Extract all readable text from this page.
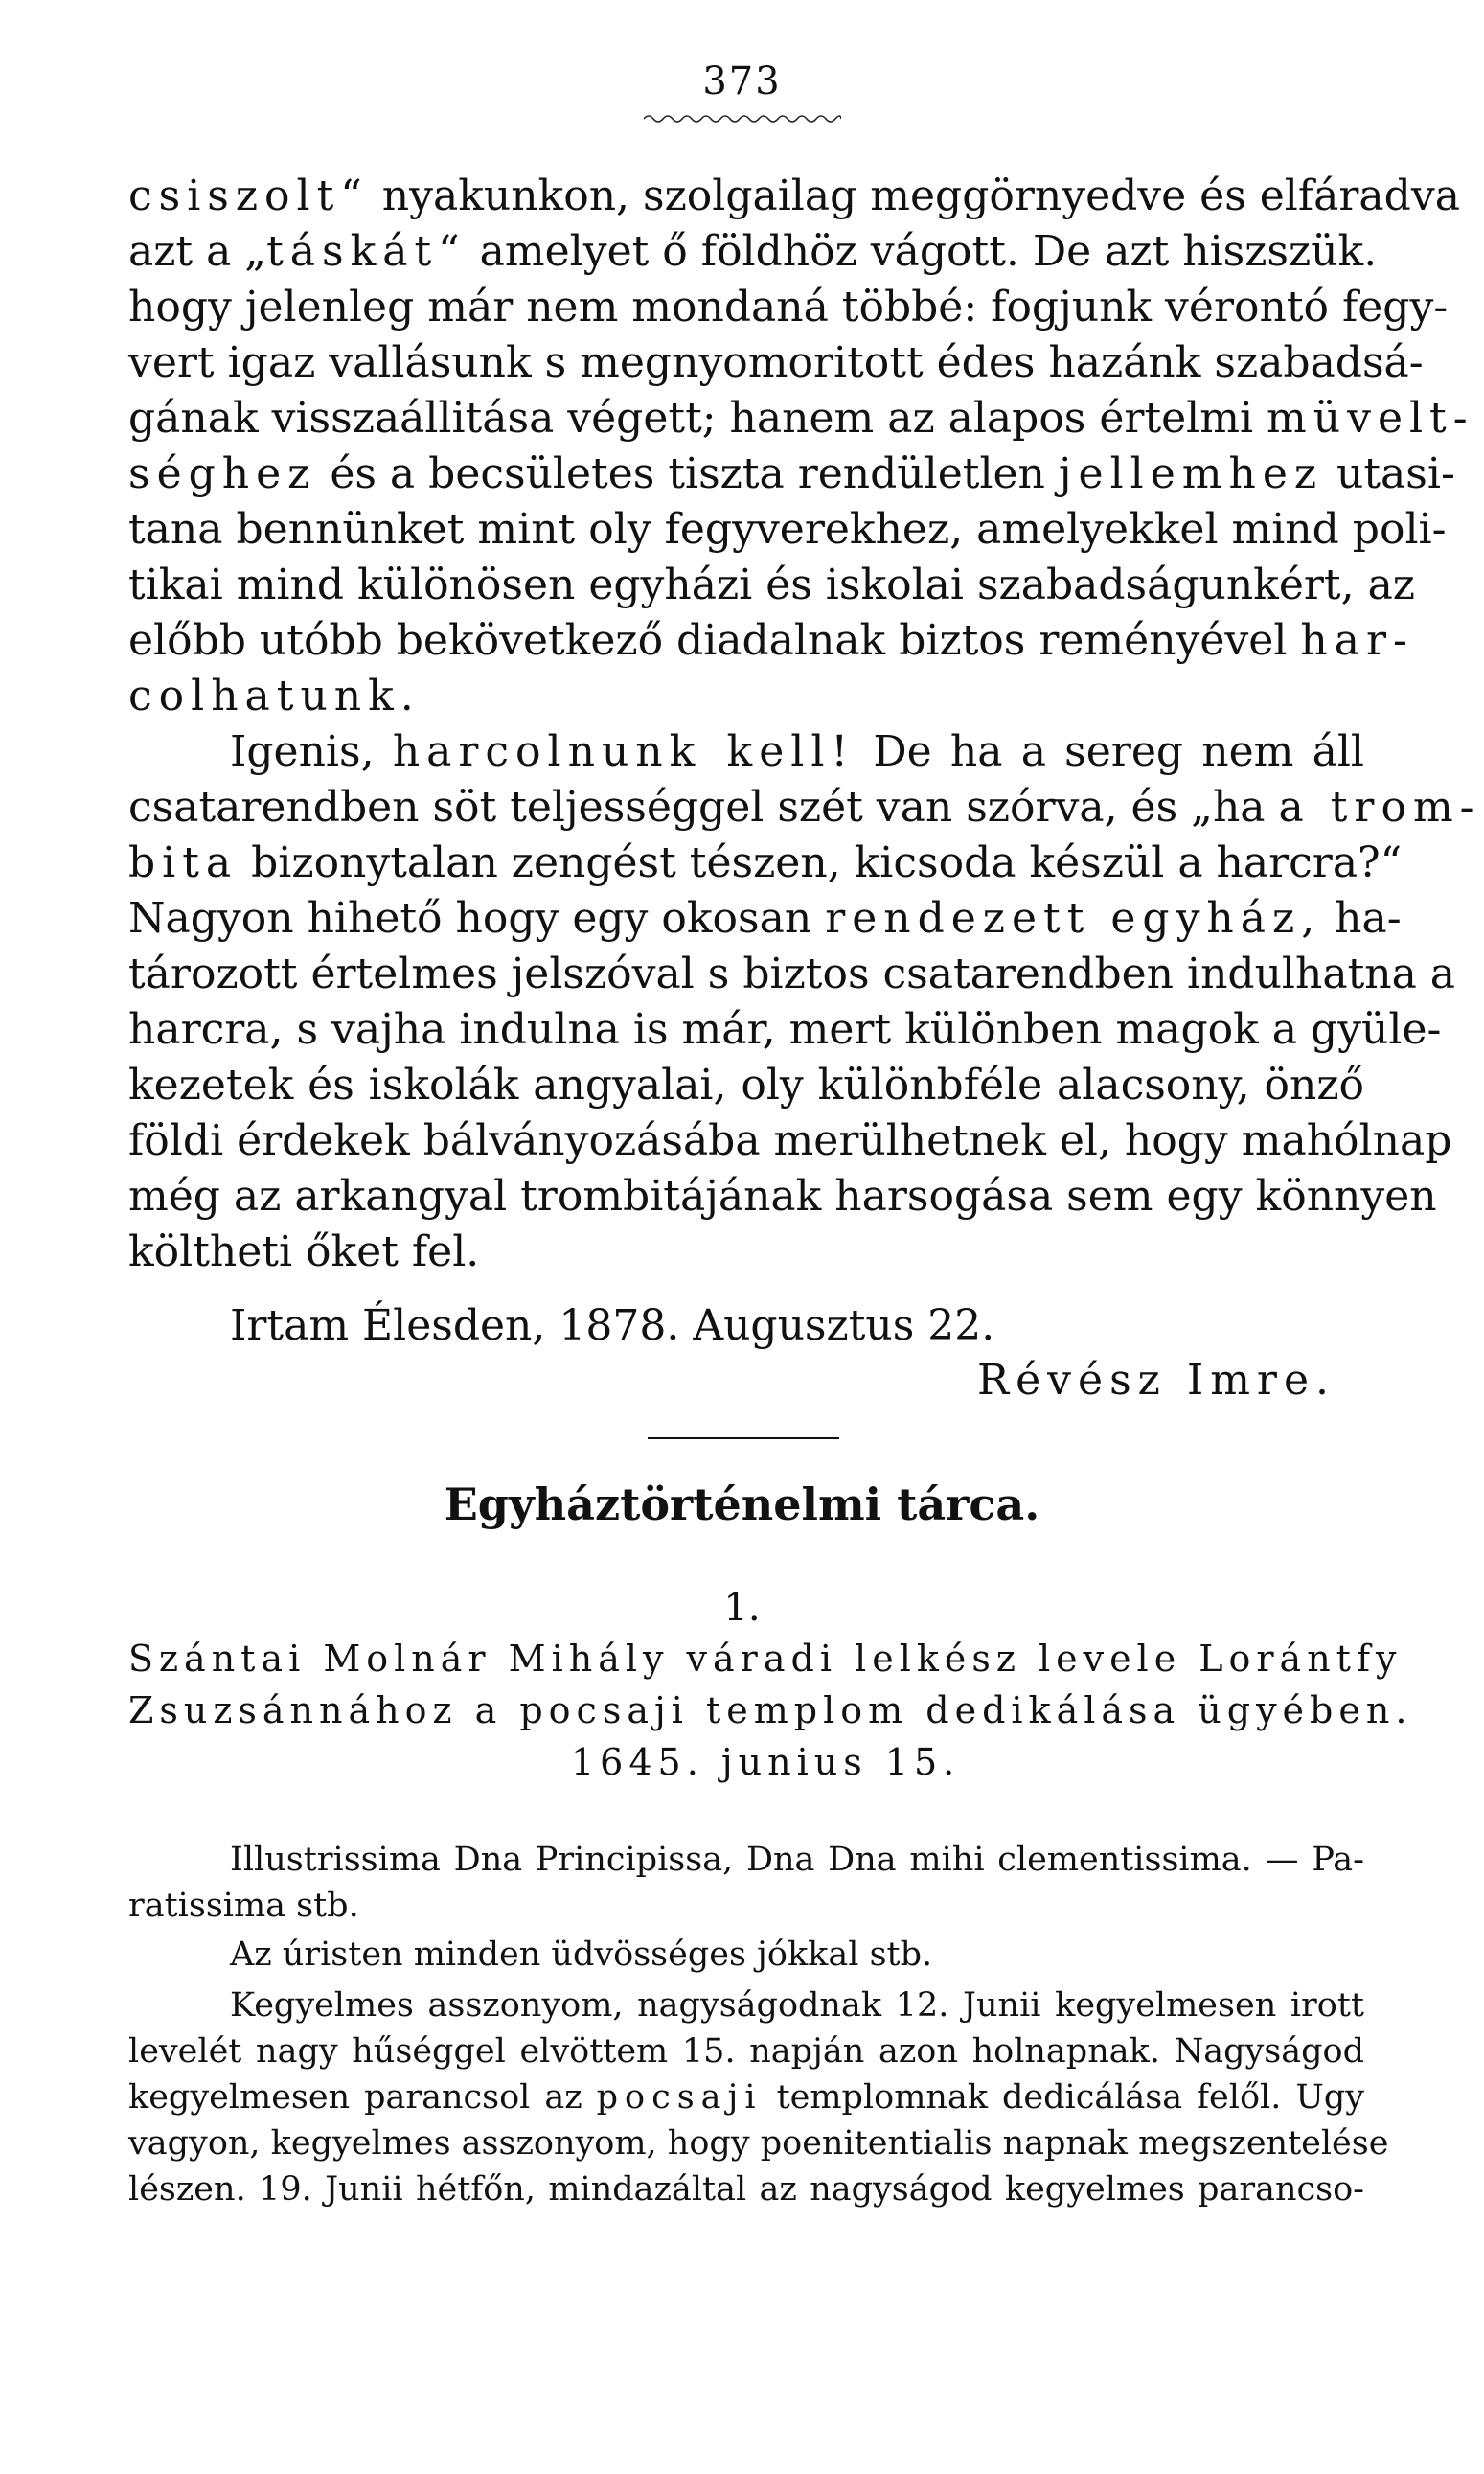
373
csiszolt“ nyakunkon, szolgailag meggörnyedve és elfáradva
azt a „táskát“ amelyet ő földhöz vágott. De azt hiszszük.
hogy jelenleg már nem mondaná többé: fogjunk vérontó fegy-
vert igaz vallásunk s megnyomoritott édes hazánk szabadsá-
gának visszaállitása végett; hanem az alapos értelmi müvelt-
séghez és a becsületes tiszta rendületlen jellemhez utasi-
tana bennünket mint oly fegyverekhez, amelyekkel mind poli-
tikai mind különösen egyházi és iskolai szabadságunkért, az
előbb utóbb bekövetkező diadalnak biztos reményével har-
colhatunk.
Igenis, harcolnunk kell! De ha a sereg nem áll
csatarendben söt teljességgel szét van szórva, és „ha a trom-
bita bizonytalan zengést tészen, kicsoda készül a harcra?“
Nagyon hihető hogy egy okosan rendezett egyház, ha-
tározott értelmes jelszóval s biztos csatarendben indulhatna a
harcra, s vajha indulna is már, mert különben magok a gyüle-
kezetek és iskolák angyalai, oly különbféle alacsony, önző
földi érdekek bálványozásába merülhetnek el, hogy mahólnap
még az arkangyal trombitájának harsogása sem egy könnyen
költheti őket fel.
Irtam Élesden, 1878. Augusztus 22.
Révész Imre.
Egyháztörténelmi tárca.
1.
Szántai Molnár Mihály váradi lelkész levele Lorántfy
Zsuzsánnához a pocsaji templom dedikálása ügyében.
1645. junius 15.
Illustrissima Dna Principissa, Dna Dna mihi clementissima. — Pa-
ratissima stb.
Az úristen minden üdvösséges jókkal stb.
Kegyelmes asszonyom, nagyságodnak 12. Junii kegyelmesen irott
levelét nagy hűséggel elvöttem 15. napján azon holnapnak. Nagyságod
kegyelmesen parancsol az pocsaji templomnak dedicálása felől. Ugy
vagyon, kegyelmes asszonyom, hogy poenitentialis napnak megszentelése
lészen. 19. Junii hétfőn, mindazáltal az nagyságod kegyelmes parancso-
